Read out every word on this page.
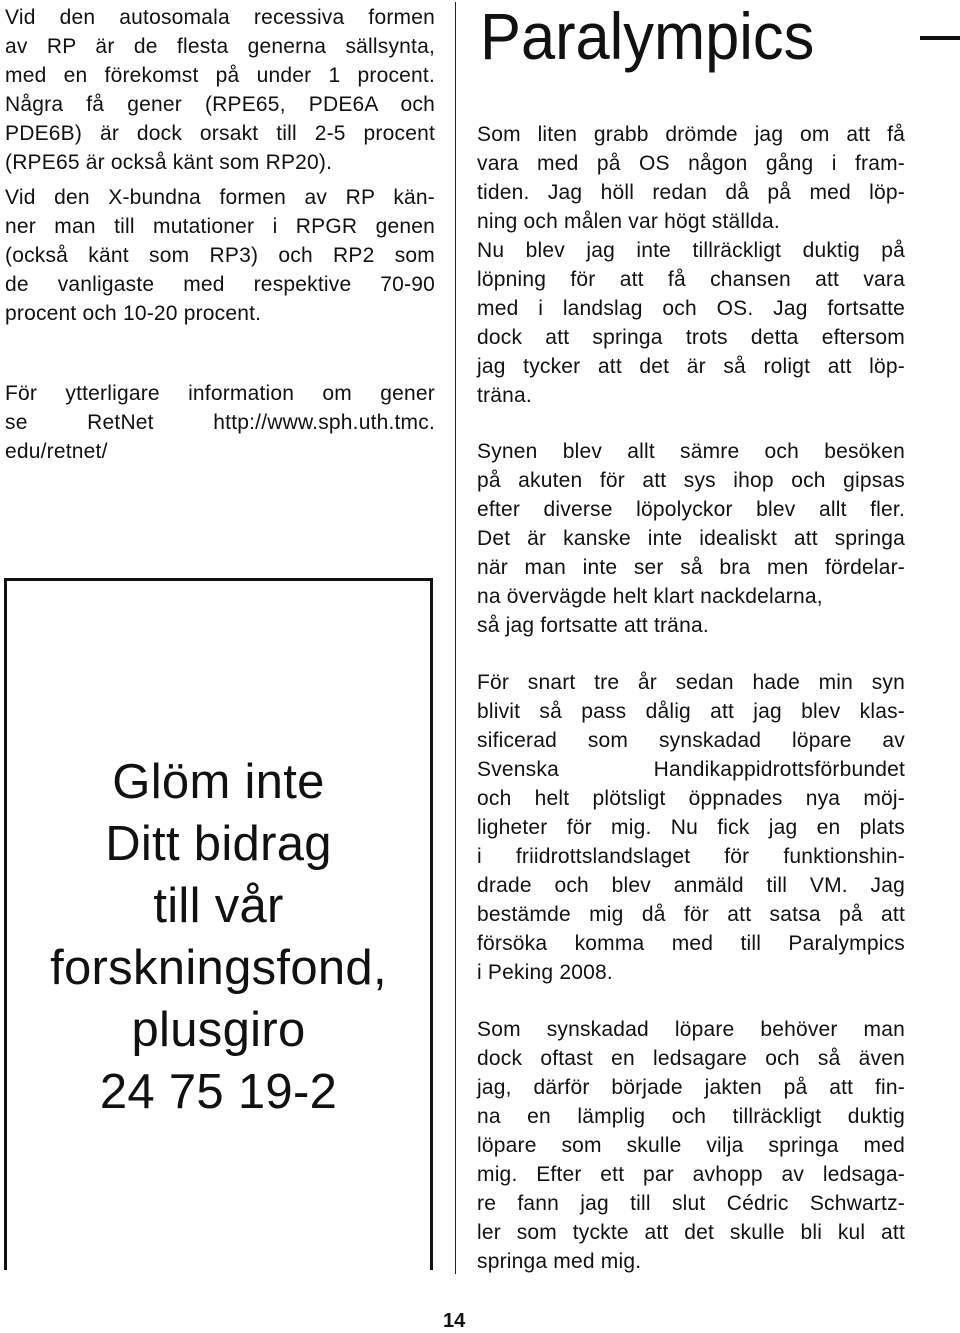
Vid den autosomala recessiva formen
av RP är de flesta generna sällsynta,
med en förekomst på under 1 procent.
Några få gener (RPE65, PDE6A och
PDE6B) är dock orsakt till 2-5 procent
(RPE65 är också känt som RP20).
Vid den X-bundna formen av RP kän-
ner man till mutationer i RPGR genen
(också känt som RP3) och RP2 som
de vanligaste med respektive 70-90
procent och 10-20 procent.
För ytterligare information om gener
se RetNet http://www.sph.uth.tmc.
edu/retnet/
Glöm inte
Ditt bidrag
till vår
forskningsfond,
plusgiro
24 75 19-2
Paralympics
Som liten grabb drömde jag om att få
vara med på OS någon gång i fram-
tiden. Jag höll redan då på med löp-
ning och målen var högt ställda.
Nu blev jag inte tillräckligt duktig på
löpning för att få chansen att vara
med i landslag och OS. Jag fortsatte
dock att springa trots detta eftersom
jag tycker att det är så roligt att löp-
träna.
Synen blev allt sämre och besöken
på akuten för att sys ihop och gipsas
efter diverse löpolyckor blev allt fler.
Det är kanske inte idealiskt att springa
när man inte ser så bra men fördelar-
na övervägde helt klart nackdelarna,
så jag fortsatte att träna.
För snart tre år sedan hade min syn
blivit så pass dålig att jag blev klas-
sificerad som synskadad löpare av
Svenska Handikappidrottsförbundet
och helt plötsligt öppnades nya möj-
ligheter för mig. Nu fick jag en plats
i friidrottslandslaget för funktionshin-
drade och blev anmäld till VM. Jag
bestämde mig då för att satsa på att
försöka komma med till Paralympics
i Peking 2008.
Som synskadad löpare behöver man
dock oftast en ledsagare och så även
jag, därför började jakten på att fin-
na en lämplig och tillräckligt duktig
löpare som skulle vilja springa med
mig. Efter ett par avhopp av ledsaga-
re fann jag till slut Cédric Schwartz-
ler som tyckte att det skulle bli kul att
springa med mig.
14
